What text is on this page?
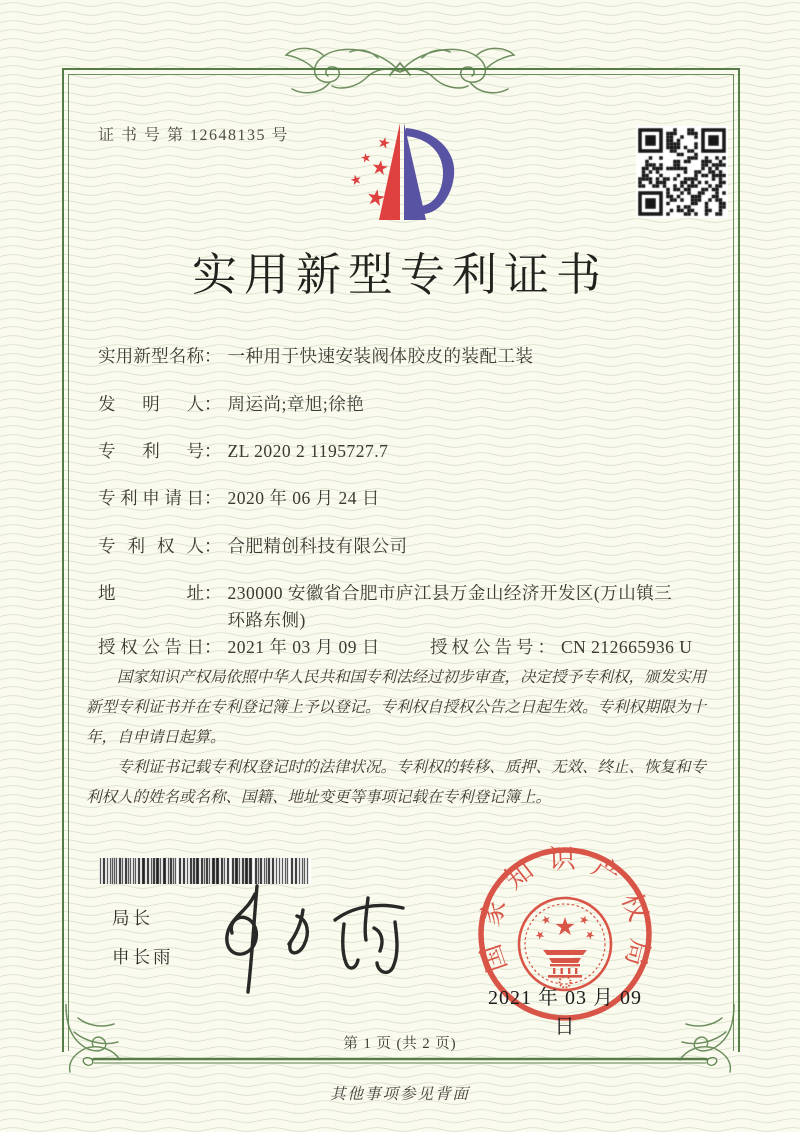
证 书 号 第 12648135 号
实用新型专利证书
实用新型名称： 一种用于快速安装阀体胶皮的装配工装
发明人： 周运尚;章旭;徐艳
专利号： ZL 2020 2 1195727.7
专利申请日： 2020 年 06 月 24 日
专利权人： 合肥精创科技有限公司
地址： 230000 安徽省合肥市庐江县万金山经济开发区(万山镇三环路东侧)
授权公告日： 2021 年 03 月 09 日	授权公告号： CN 212665936 U

国家知识产权局依照中华人民共和国专利法经过初步审查，决定授予专利权，颁发实用新型专利证书并在专利登记簿上予以登记。专利权自授权公告之日起生效。专利权期限为十年，自申请日起算。

专利证书记载专利权登记时的法律状况。专利权的转移、质押、无效、终止、恢复和专利权人的姓名或名称、国籍、地址变更等事项记载在专利登记簿上。

局长
申长雨	国家知识产权局
2021 年 03 月 09 日
第 1 页 (共 2 页)
其他事项参见背面
